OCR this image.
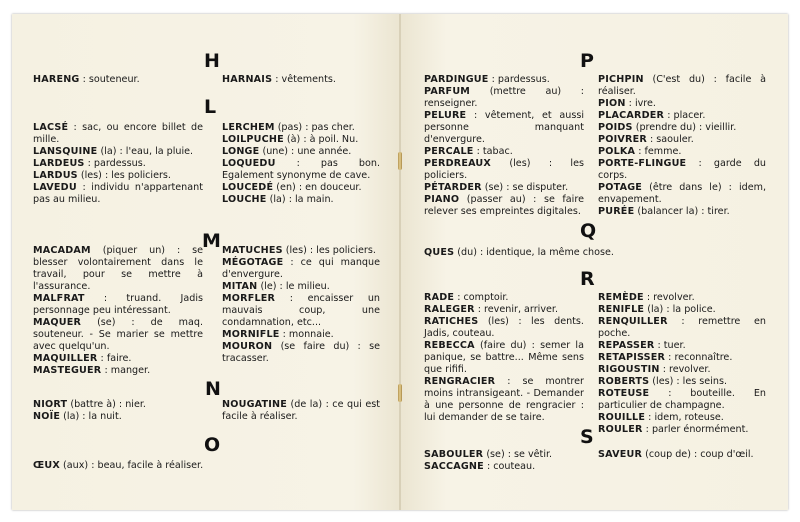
H

HARENG : souteneur.	HARNAIS : vêtements.

L

LACSÉ : sac, ou encore billet de mille.

LANSQUINE (la) : l'eau, la pluie.

LARDEUS : pardessus.

LARDUS (les) : les policiers.

LAVEDU : individu n'appartenant pas au milieu.

LERCHEM (pas) : pas cher.

LOILPUCHE (à) : à poil. Nu.

LONGE (une) : une année.

LOQUEDU : pas bon. Egalement synonyme de cave.

LOUCEDÉ (en) : en douceur.

LOUCHE (la) : la main.

M

MACADAM (piquer un) : se blesser volontairement dans le travail, pour se mettre à l'assurance.

MALFRAT : truand. Jadis personnage peu intéressant.

MAQUER (se) : de maq. souteneur. - Se marier se mettre avec quelqu'un.

MAQUILLER : faire.

MASTEGUER : manger.

MATUCHES (les) : les policiers.

MÉGOTAGE : ce qui manque d'envergure.

MITAN (le) : le milieu.

MORFLER : encaisser un mauvais coup, une condamnation, etc...

MORNIFLE : monnaie.

MOURON (se faire du) : se tracasser.

N

NIORT (battre à) : nier.

NOÏE (la) : la nuit.

NOUGATINE (de la) : ce qui est facile à réaliser.

O

ŒUX (aux) : beau, facile à réaliser.

P

PARDINGUE : pardessus.

PARFUM (mettre au) : renseigner.

PELURE : vêtement, et aussi personne manquant d'envergure.

PERCALE : tabac.

PERDREAUX (les) : les policiers.

PÉTARDER (se) : se disputer.

PIANO (passer au) : se faire relever ses empreintes digitales.

PICHPIN (C'est du) : facile à réaliser.

PION : ivre.

PLACARDER : placer.

POIDS (prendre du) : vieillir.

POIVRER : saouler.

POLKA : femme.

PORTE-FLINGUE : garde du corps.

POTAGE (être dans le) : idem, envapement.

PURÉE (balancer la) : tirer.

Q

QUES (du) : identique, la même chose.

R

RADE : comptoir.

RALEGER : revenir, arriver.

RATICHES (les) : les dents. Jadis, couteau.

REBECCA (faire du) : semer la panique, se battre... Même sens que rififi.

RENGRACIER : se montrer moins intransigeant. - Demander à une personne de rengracier : lui demander de se taire.

REMÈDE : revolver.

RENIFLE (la) : la police.

RENQUILLER : remettre en poche.

REPASSER : tuer.

RETAPISSER : reconnaître.

RIGOUSTIN : revolver.

ROBERTS (les) : les seins.

ROTEUSE : bouteille. En particulier de champagne.

ROUILLE : idem, roteuse.

ROULER : parler énormément.

S

SABOULER (se) : se vêtir.

SACCAGNE : couteau.

SAVEUR (coup de) : coup d'œil.
